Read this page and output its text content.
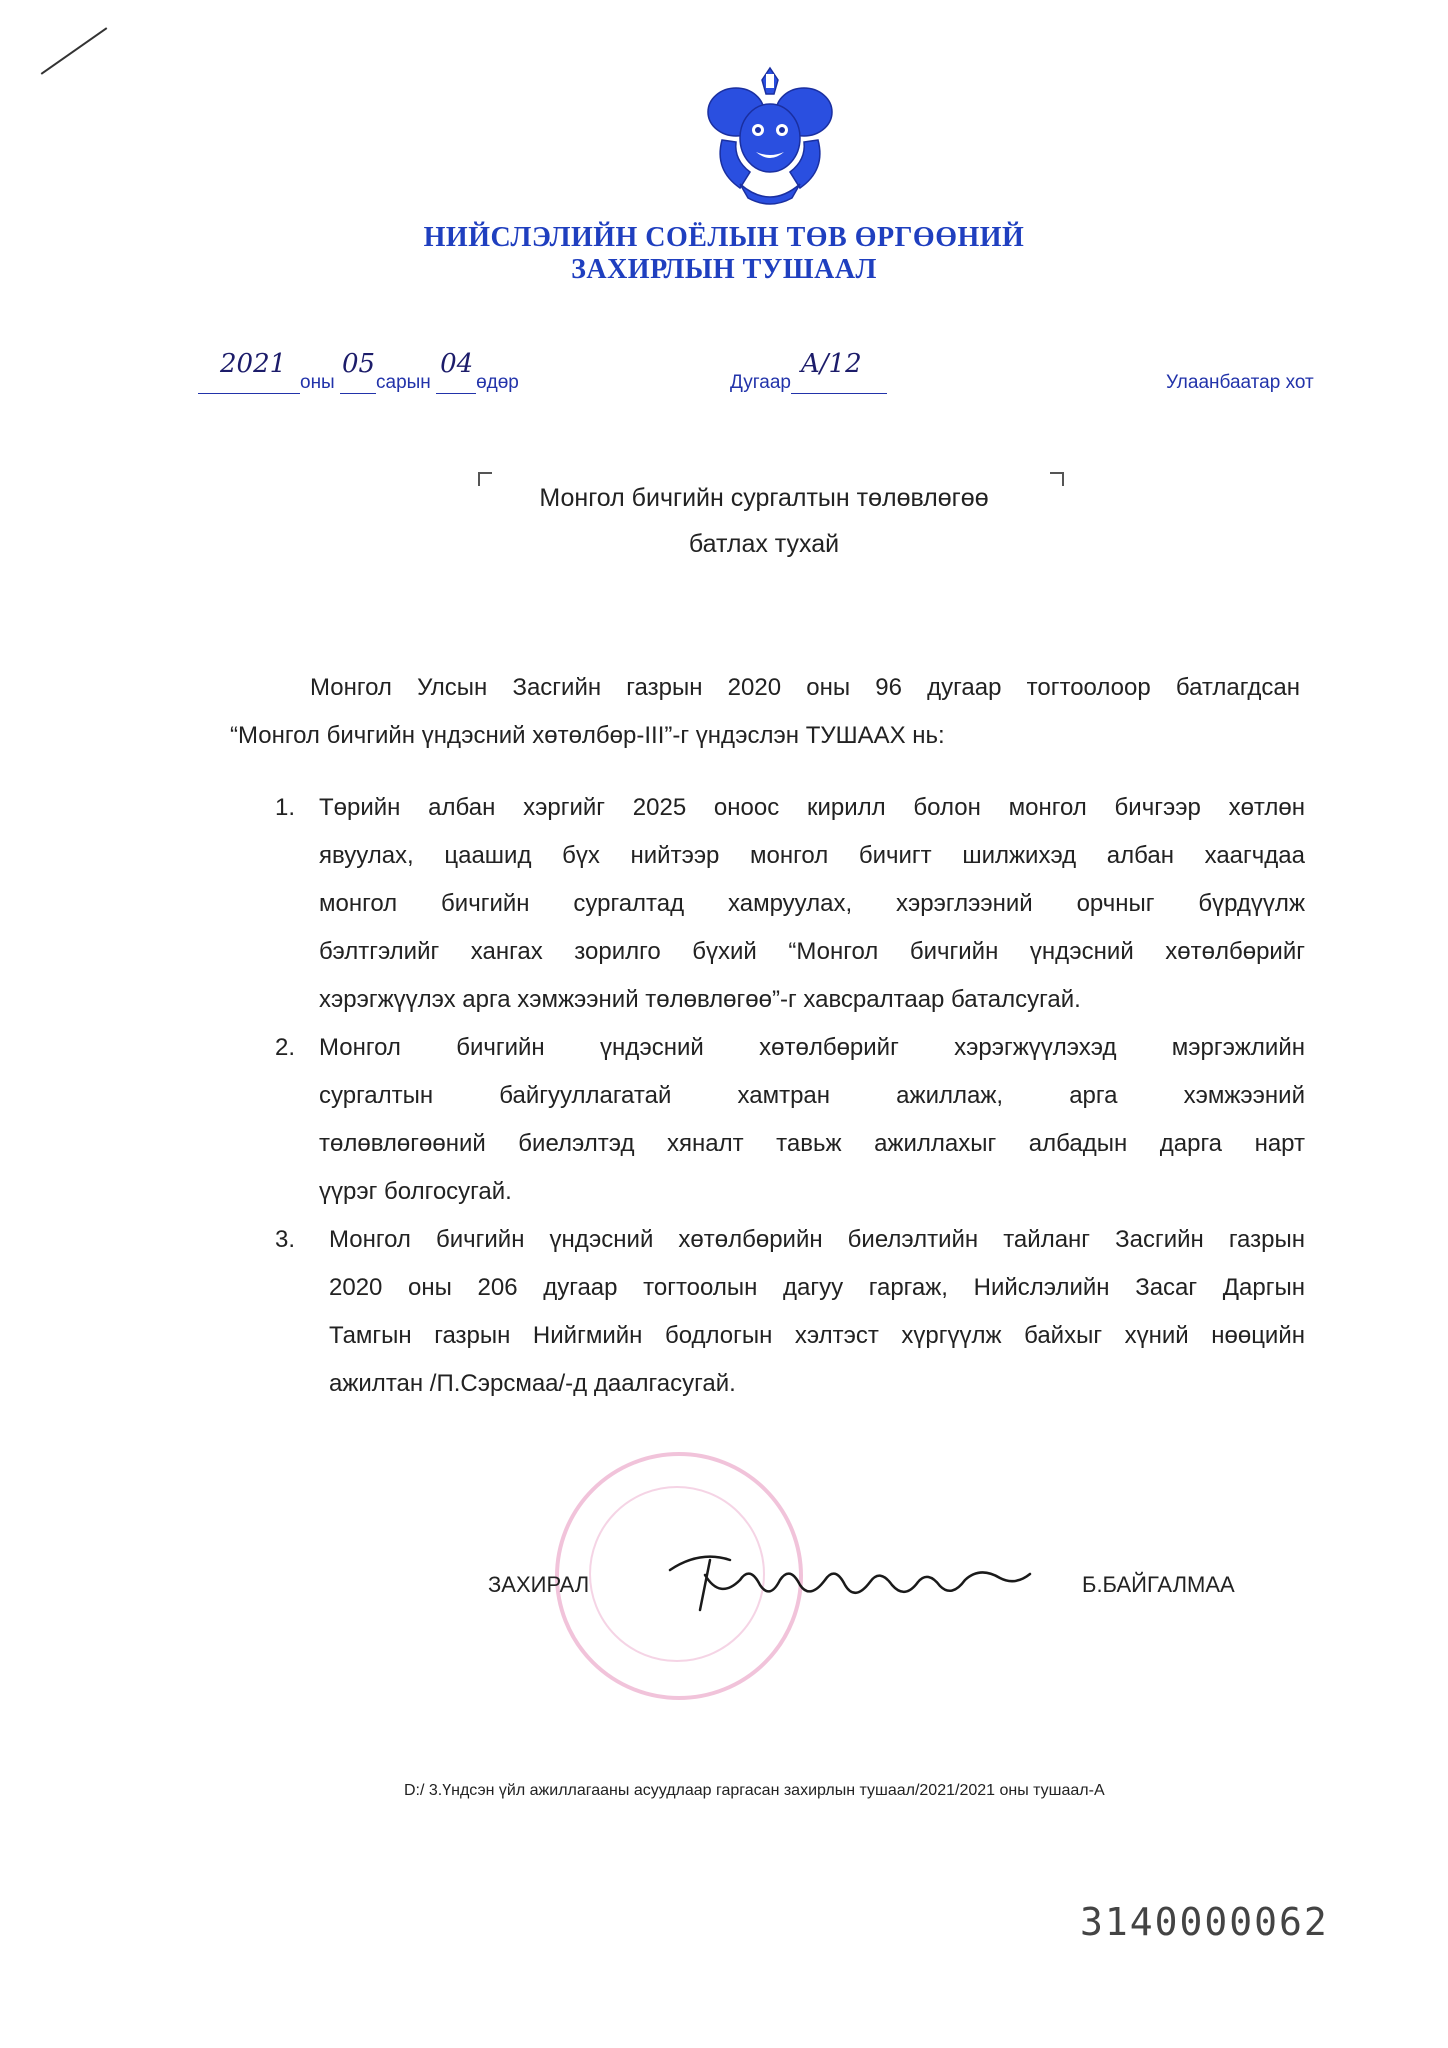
НИЙСЛЭЛИЙН СОЁЛЫН ТӨВ ӨРГӨӨНИЙ
ЗАХИРЛЫН ТУШААЛ
2021
оны
05
сарын
04
өдөр	Дугаар
A/12
Улаанбаатар хот
Монгол бичгийн сургалтын төлөвлөгөө
батлах тухай

Монгол Улсын Засгийн газрын 2020 оны 96 дугаар тогтоолоор батлагдсан

“Монгол бичгийн үндэсний хөтөлбөр-III”-г үндэслэн ТУШААХ нь:

1. Төрийн албан хэргийг 2025 оноос кирилл болон монгол бичгээр хөтлөн
явуулах, цаашид бүх нийтээр монгол бичигт шилжихэд албан хаагчдаа
монгол бичгийн сургалтад хамруулах, хэрэглээний орчныг бүрдүүлж
бэлтгэлийг хангах зорилго бүхий “Монгол бичгийн үндэсний хөтөлбөрийг
хэрэгжүүлэх арга хэмжээний төлөвлөгөө”-г хавсралтаар баталсугай.
2. Монгол бичгийн үндэсний хөтөлбөрийг хэрэгжүүлэхэд мэргэжлийн
сургалтын байгууллагатай хамтран ажиллаж, арга хэмжээний
төлөвлөгөөний биелэлтэд хяналт тавьж ажиллахыг албадын дарга нарт
үүрэг болгосугай.
3. Монгол бичгийн үндэсний хөтөлбөрийн биелэлтийн тайланг Засгийн газрын
2020 оны 206 дугаар тогтоолын дагуу гаргаж, Нийслэлийн Засаг Даргын
Тамгын газрын Нийгмийн бодлогын хэлтэст хүргүүлж байхыг хүний нөөцийн
ажилтан /П.Сэрсмаа/-д даалгасугай.
ЗАХИРАЛ	Б.БАЙГАЛМАА
D:/ 3.Үндсэн үйл ажиллагааны асуудлаар гаргасан захирлын тушаал/2021/2021 оны тушаал-А
3140000062
